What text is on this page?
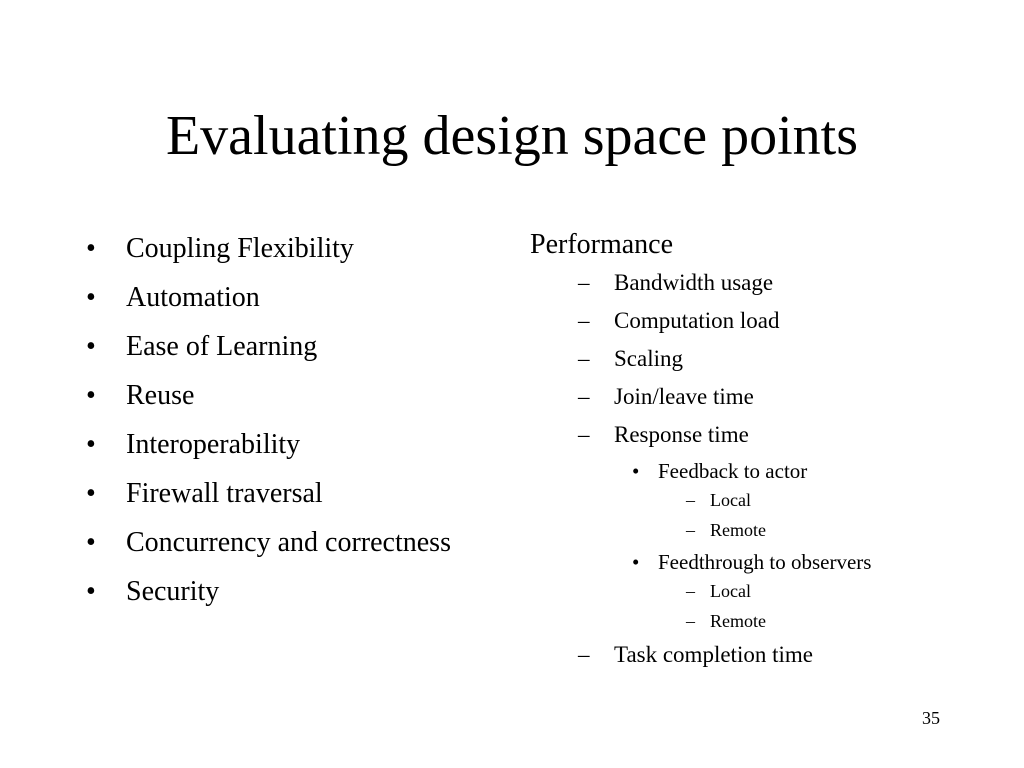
Evaluating design space points
•	Coupling Flexibility
•	Automation
•	Ease of Learning
•	Reuse
•	Interoperability
•	Firewall traversal
•	Concurrency and correctness
•	Security
Performance
–	Bandwidth usage
–	Computation load
–	Scaling
–	Join/leave time
–	Response time
• Feedback to actor
– Local
– Remote
• Feedthrough to observers
– Local
– Remote
–	Task completion time
35
